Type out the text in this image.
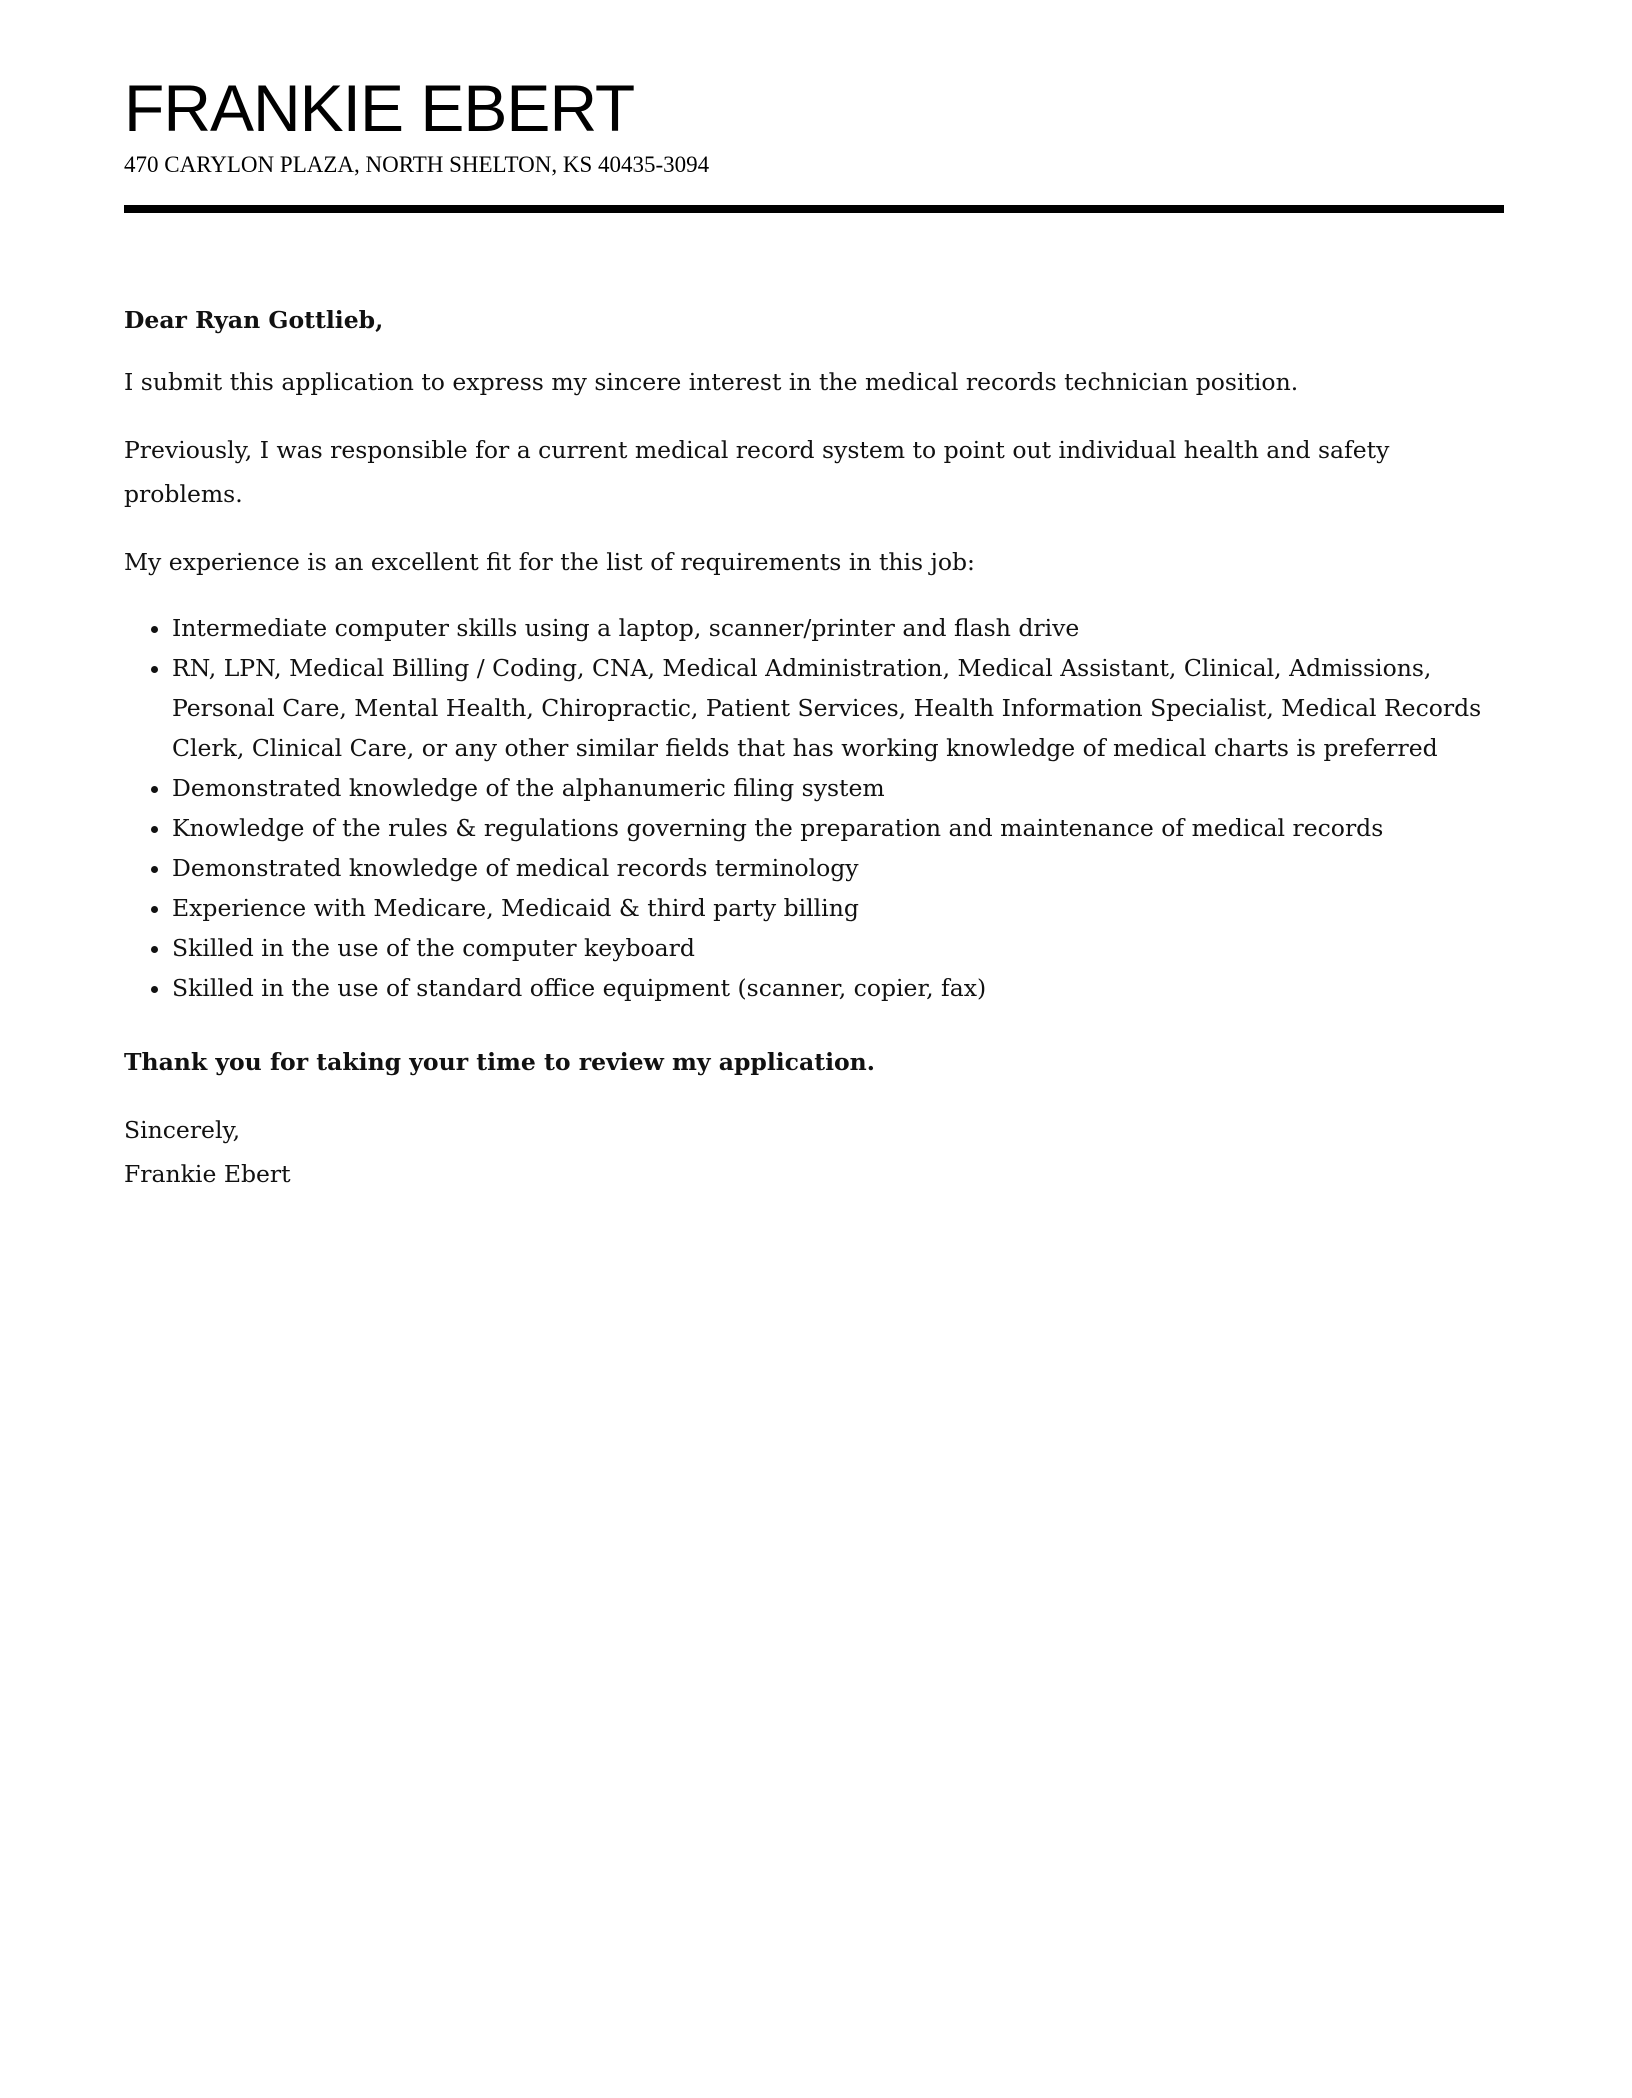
FRANKIE EBERT
470 CARYLON PLAZA, NORTH SHELTON, KS 40435-3094

Dear Ryan Gottlieb,

I submit this application to express my sincere interest in the medical records technician position.

Previously, I was responsible for a current medical record system to point out individual health and safety problems.

My experience is an excellent fit for the list of requirements in this job:

• Intermediate computer skills using a laptop, scanner/printer and flash drive
• RN, LPN, Medical Billing / Coding, CNA, Medical Administration, Medical Assistant, Clinical, Admissions, Personal Care, Mental Health, Chiropractic, Patient Services, Health Information Specialist, Medical Records Clerk, Clinical Care, or any other similar fields that has working knowledge of medical charts is preferred
• Demonstrated knowledge of the alphanumeric filing system
• Knowledge of the rules & regulations governing the preparation and maintenance of medical records
• Demonstrated knowledge of medical records terminology
• Experience with Medicare, Medicaid & third party billing
• Skilled in the use of the computer keyboard
• Skilled in the use of standard office equipment (scanner, copier, fax)

Thank you for taking your time to review my application.

Sincerely,
Frankie Ebert
